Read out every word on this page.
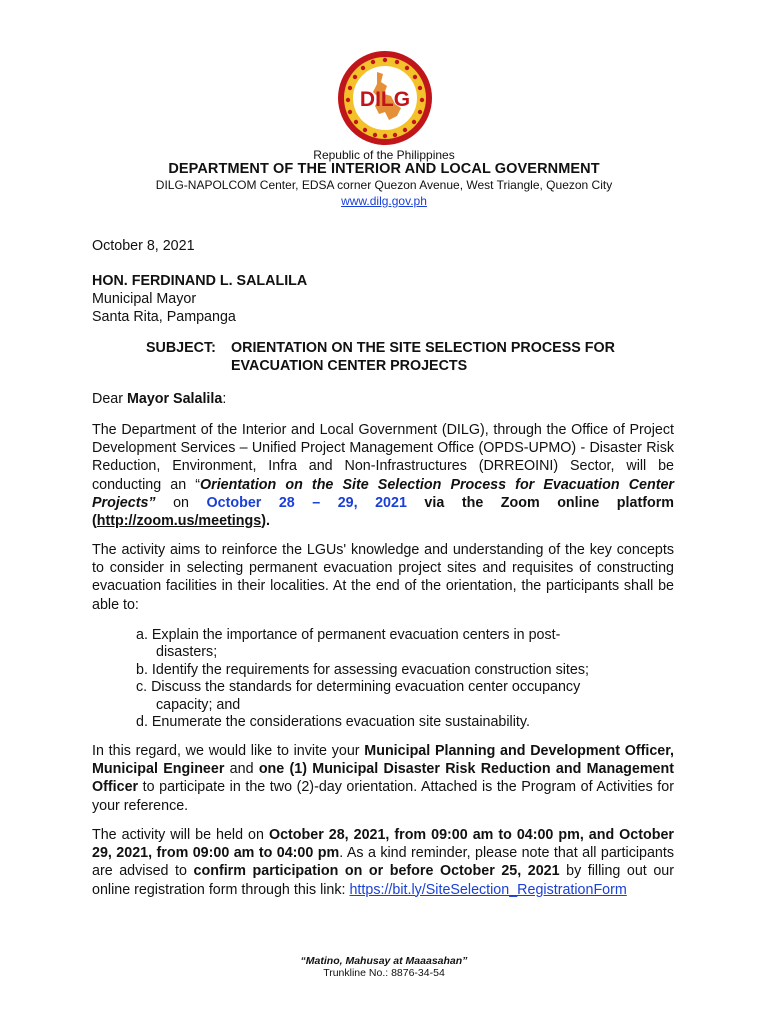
DILG
Republic of the Philippines
DEPARTMENT OF THE INTERIOR AND LOCAL GOVERNMENT
DILG-NAPOLCOM Center, EDSA corner Quezon Avenue, West Triangle, Quezon City
www.dilg.gov.ph
October 8, 2021
HON. FERDINAND L. SALALILA
Municipal Mayor
Santa Rita, Pampanga
SUBJECT: ORIENTATION ON THE SITE SELECTION PROCESS FOR
EVACUATION CENTER PROJECTS
Dear Mayor Salalila:
The Department of the Interior and Local Government (DILG), through the Office of Project Development Services – Unified Project Management Office (OPDS-UPMO) - Disaster Risk Reduction, Environment, Infra and Non-Infrastructures (DRREOINI) Sector, will be conducting an “Orientation on the Site Selection Process for Evacuation Center Projects” on October 28 – 29, 2021 via the Zoom online platform (http://zoom.us/meetings).
The activity aims to reinforce the LGUs' knowledge and understanding of the key concepts to consider in selecting permanent evacuation project sites and requisites of constructing evacuation facilities in their localities. At the end of the orientation, the participants shall be able to:
a. Explain the importance of permanent evacuation centers in post-
disasters;
b. Identify the requirements for assessing evacuation construction sites;
c. Discuss the standards for determining evacuation center occupancy
capacity; and
d. Enumerate the considerations evacuation site sustainability.
In this regard, we would like to invite your Municipal Planning and Development Officer, Municipal Engineer and one (1) Municipal Disaster Risk Reduction and Management Officer to participate in the two (2)-day orientation. Attached is the Program of Activities for your reference.
The activity will be held on October 28, 2021, from 09:00 am to 04:00 pm, and October 29, 2021, from 09:00 am to 04:00 pm. As a kind reminder, please note that all participants are advised to confirm participation on or before October 25, 2021 by filling out our online registration form through this link: https://bit.ly/SiteSelection_RegistrationForm
“Matino, Mahusay at Maaasahan”
Trunkline No.: 8876-34-54
